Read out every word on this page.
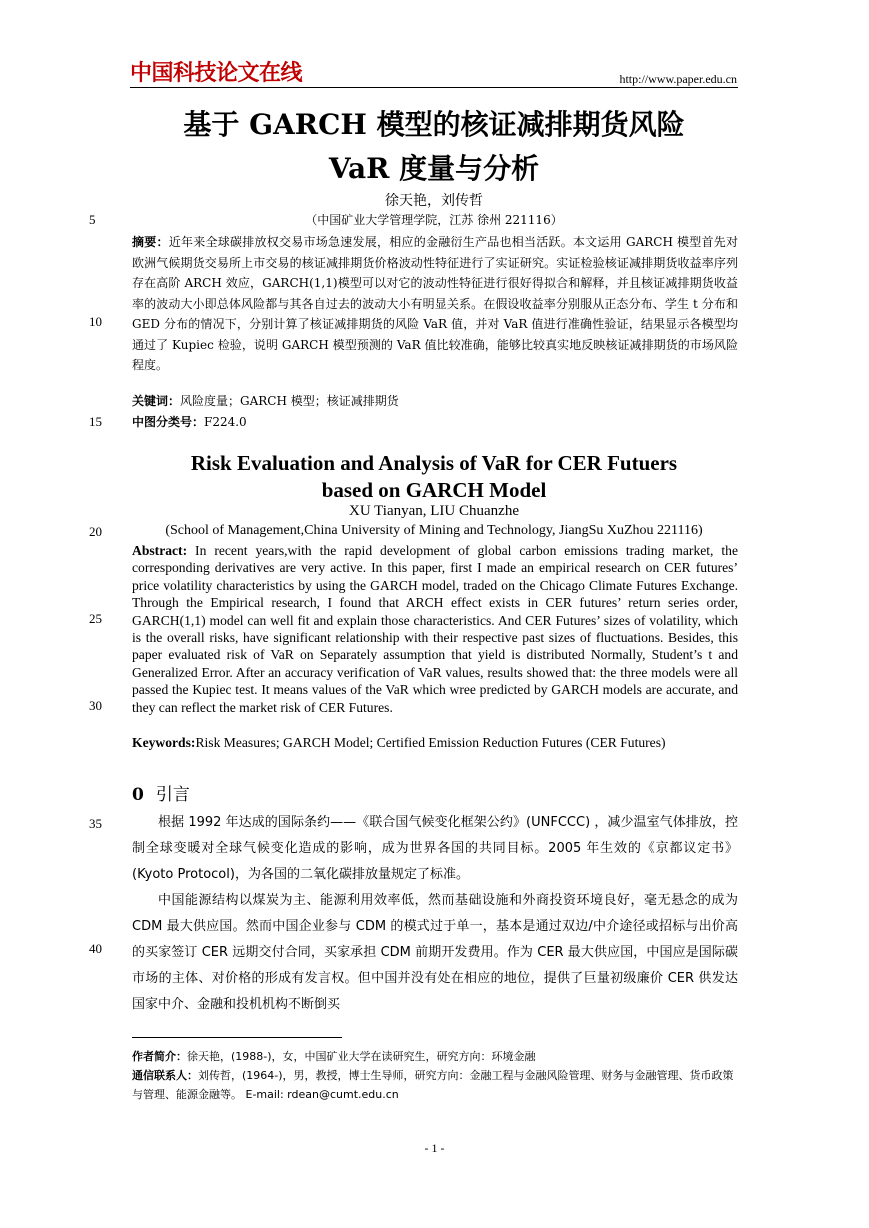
中国科技论文在线	http://www.paper.edu.cn
基于 GARCH 模型的核证减排期货风险
VaR 度量与分析
徐天艳，刘传哲
（中国矿业大学管理学院，江苏 徐州 221116）
5
10
15
20
25
30
35
40
摘要：近年来全球碳排放权交易市场急速发展，相应的金融衍生产品也相当活跃。本文运用 GARCH 模型首先对欧洲气候期货交易所上市交易的核证减排期货价格波动性特征进行了实证研究。实证检验核证减排期货收益率序列存在高阶 ARCH 效应，GARCH(1,1)模型可以对它的波动性特征进行很好得拟合和解释，并且核证减排期货收益率的波动大小即总体风险都与其各自过去的波动大小有明显关系。在假设收益率分别服从正态分布、学生 t 分布和 GED 分布的情况下，分别计算了核证减排期货的风险 VaR 值，并对 VaR 值进行准确性验证，结果显示各模型均通过了 Kupiec 检验，说明 GARCH 模型预测的 VaR 值比较准确，能够比较真实地反映核证减排期货的市场风险程度。
关键词：风险度量；GARCH 模型；核证减排期货
中图分类号：F224.0
Risk Evaluation and Analysis of VaR for CER Futuers
based on GARCH Model
XU Tianyan, LIU Chuanzhe
(School of Management,China University of Mining and Technology, JiangSu XuZhou 221116)
Abstract: In recent years,with the rapid development of global carbon emissions trading market, the corresponding derivatives are very active. In this paper, first I made an empirical research on CER futures’ price volatility characteristics by using the GARCH model, traded on the Chicago Climate Futures Exchange. Through the Empirical research, I found that ARCH effect exists in CER futures’ return series order, GARCH(1,1) model can well fit and explain those characteristics. And CER Futures’ sizes of volatility, which is the overall risks, have significant relationship with their respective past sizes of fluctuations. Besides, this paper evaluated risk of VaR on Separately assumption that yield is distributed Normally, Student’s t and Generalized Error. After an accuracy verification of VaR values, results showed that: the three models were all passed the Kupiec test. It means values of the VaR which wree predicted by GARCH models are accurate, and they can reflect the market risk of CER Futures.
Keywords:Risk Measures; GARCH Model; Certified Emission Reduction Futures (CER Futures)
0 引言

根据 1992 年达成的国际条约——《联合国气候变化框架公约》(UNFCCC) ，减少温室气体排放，控制全球变暖对全球气候变化造成的影响，成为世界各国的共同目标。2005 年生效的《京都议定书》(Kyoto Protocol)，为各国的二氧化碳排放量规定了标准。

中国能源结构以煤炭为主、能源利用效率低，然而基础设施和外商投资环境良好，毫无悬念的成为 CDM 最大供应国。然而中国企业参与 CDM 的模式过于单一，基本是通过双边/中介途径或招标与出价高的买家签订 CER 远期交付合同，买家承担 CDM 前期开发费用。作为 CER 最大供应国，中国应是国际碳市场的主体、对价格的形成有发言权。但中国并没有处在相应的地位，提供了巨量初级廉价 CER 供发达国家中介、金融和投机机构不断倒买

作者简介：徐天艳，(1988-)，女，中国矿业大学在读研究生，研究方向：环境金融
通信联系人：刘传哲，(1964-)，男，教授，博士生导师，研究方向：金融工程与金融风险管理、财务与金融管理、货币政策与管理、能源金融等。 E-mail: rdean@cumt.edu.cn
- 1 -
